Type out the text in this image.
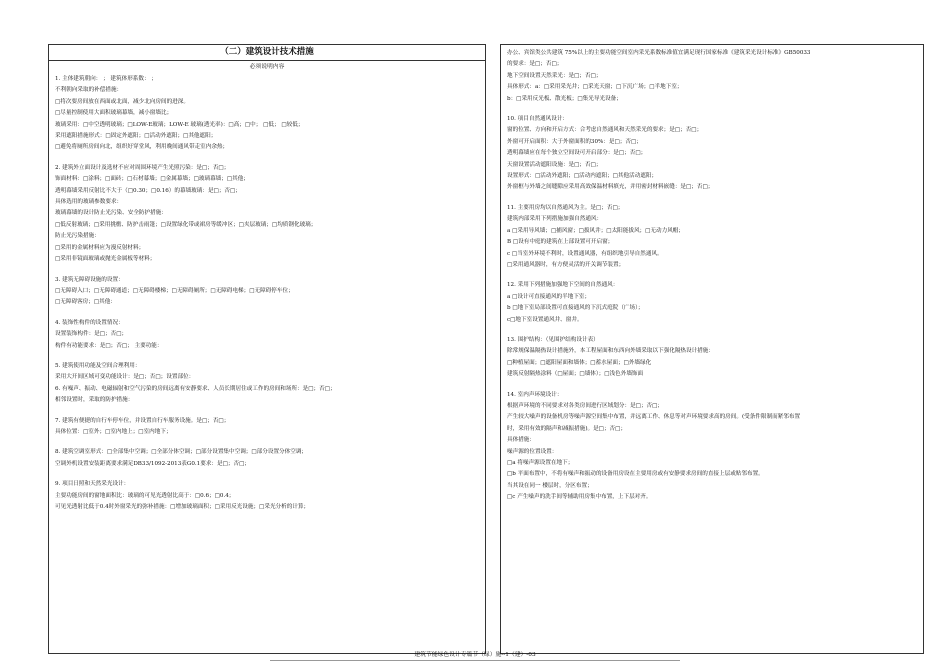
（二）建筑设计技术措施
必须说明内容
1. 主体建筑朝向： ； 建筑体形系数： ；
不利朝向采取的补偿措施：
□将次要房间放在西面或北面，减少北向房间的进深。
□尽量控制使用大面积玻璃幕墙，减小窗墙比；
玻璃采用：□中空透明玻璃；□LOW-E玻璃；LOW-E 玻璃(透光率)：□高；□中； □低； □较低；
采用遮阳措施形式：□固定外遮阳；□活动外遮阳；□其他遮阳；
□避免将厕所房间向北，组织好穿堂风，利用晚间通风带走室内余热；
2. 建筑外立面设计及选材不应对周围环境产生光照污染：是□；否□；
饰面材料：□涂料；□面砖；□石材幕墙；□金属幕墙；□玻璃幕墙；□其他；
透明幕墙采用反射比不大于（□0.30；□0.16）的幕墙玻璃：是□；否□；
具体选用的玻璃参数要求：
玻璃幕墙的设计防止光污染、安全防护措施：
□低反射玻璃；□采用挑檐、防护击雨篷；□设置绿化带或裙房等缓冲区；□夹层玻璃；□均质钢化玻璃；
防止光污染措施：
□采用的金属材料应为漫反射材料；
□采用非镜面玻璃或抛光金属板等材料；
3. 建筑无障碍设施的设置：
□无障碍入口；□无障碍通道；□无障碍楼梯；□无障碍厕所；□无障碍电梯；□无障碍停车位；
□无障碍客房；□其他：
4. 装饰性构件的设置情况：
设置装饰构件：是□；否□；
构件有功能要求：是□；否□； 主要功能：
5. 建筑使用功能及空间合理利用：
采用大开间区域可变功能设计：是□；否□；设置部位：
6. 有噪声、振动、电磁辐射和空气污染的房间远离有安静要求、人员长期居住或工作的房间和场所：是□；否□；
相邻设置时，采取的防护措施：
7. 建筑有便捷的自行车停车位，并设置自行车服务设施。是□；否□；
具体位置：□室外；□室内地上；□室内地下；
8. 建筑空调室形式：□全部集中空调；□全部分体空调；□部分设置集中空调；□部分设置分体空调；
空调外机设置安装距离要求满足DB33/1092-2013表G0.1要求：是□；否□；
9. 项目日照和天然采光设计：
主要功能房间的窗地面积比：玻璃的可见光透射比高于：□0.6；□0.4；
可见光透射比低于0.4时外窗采光的弥补措施：□增加玻璃面积；□采用反光设施；□采光分析的计算；
办公、宾馆类公共建筑 75%以上的主要功能空间室内采光系数标准值宜满足现行国家标准《建筑采光设计标准》GB50033
的要求：是□；否□；
地下空间设置天然采光：是□；否□；
具体形式：a：□采用采光井；□采光天窗；□下沉广场；□半地下室；
b：□采用反光板、散光板；□集光导光设备；
10. 项目自然通风设计：
窗的位置、方向和开启方式：合考虑自然通风和天然采光的要求；是□；否□；
外窗可开启面积：大于外窗面积的30%：是□；否□；
透明幕墙应在每个独立空间设可开启部分：是□；否□；
天窗设置活动遮阳设施：是□；否□；
设置形式：□活动外遮阳；□活动内遮阳；□其他活动遮阳；
外窗框与外墙之间缝隙应采用高效保温材料填充，并用密封材料嵌缝：是□；否□；
11. 主要用房均以自然通风为主。是□；否□；
建筑内部采用下列措施加强自然通风：
a □采用导风墙；□捕风窗；□拔风井；□太阳能拔风；□无动力风帽；
B □设有中庭的建筑在上部设置可开启窗；
c □当室外环境不利时，设置通风器，有组织地引导自然通风。
□采用通风器时，有方便灵活的开关调节装置；
12. 采用下列措施加强地下空间的自然通风：
a □设计可直接通风的半地下室；
b □地下室局部设置可直接通风的下沉式庭院（广场）；
c□地下室设置通风井、窗井。
13. 围护结构：（见围护结构设计表）
除常规保温隔热设计措施外，本工程屋面和东西向外墙采取以下强化隔热设计措施：
□种植屋面；□遮阳屋面和墙体；□蓄水屋面；□外墙绿化
建筑反射隔热涂料（□屋面；□墙体）；□浅色外墙饰面
14. 室内声环境设计：
根据声环境的不同要求对各类房间进行区域划分：是□；否□；
产生较大噪声的设备机房等噪声源空间集中布置，并远离工作、休息等对声环境要求高的房间。(受条件限制而紧邻布置
时，采用有效的隔声和减振措施)。是□；否□；
具体措施：
噪声源的位置设置：
□a 将噪声源设置在地下；
□b 平面布置中，不将有噪声和振动的设备用房设在主要用房或有安静要求房间的直接上层或贴邻布置。
当其设在同一 楼层时，分区布置；
□c 产生噪声的洗手间等辅助用房集中布置，上下层对齐。
建筑节能绿色设计专篇节（绿）施--1（建）-03
